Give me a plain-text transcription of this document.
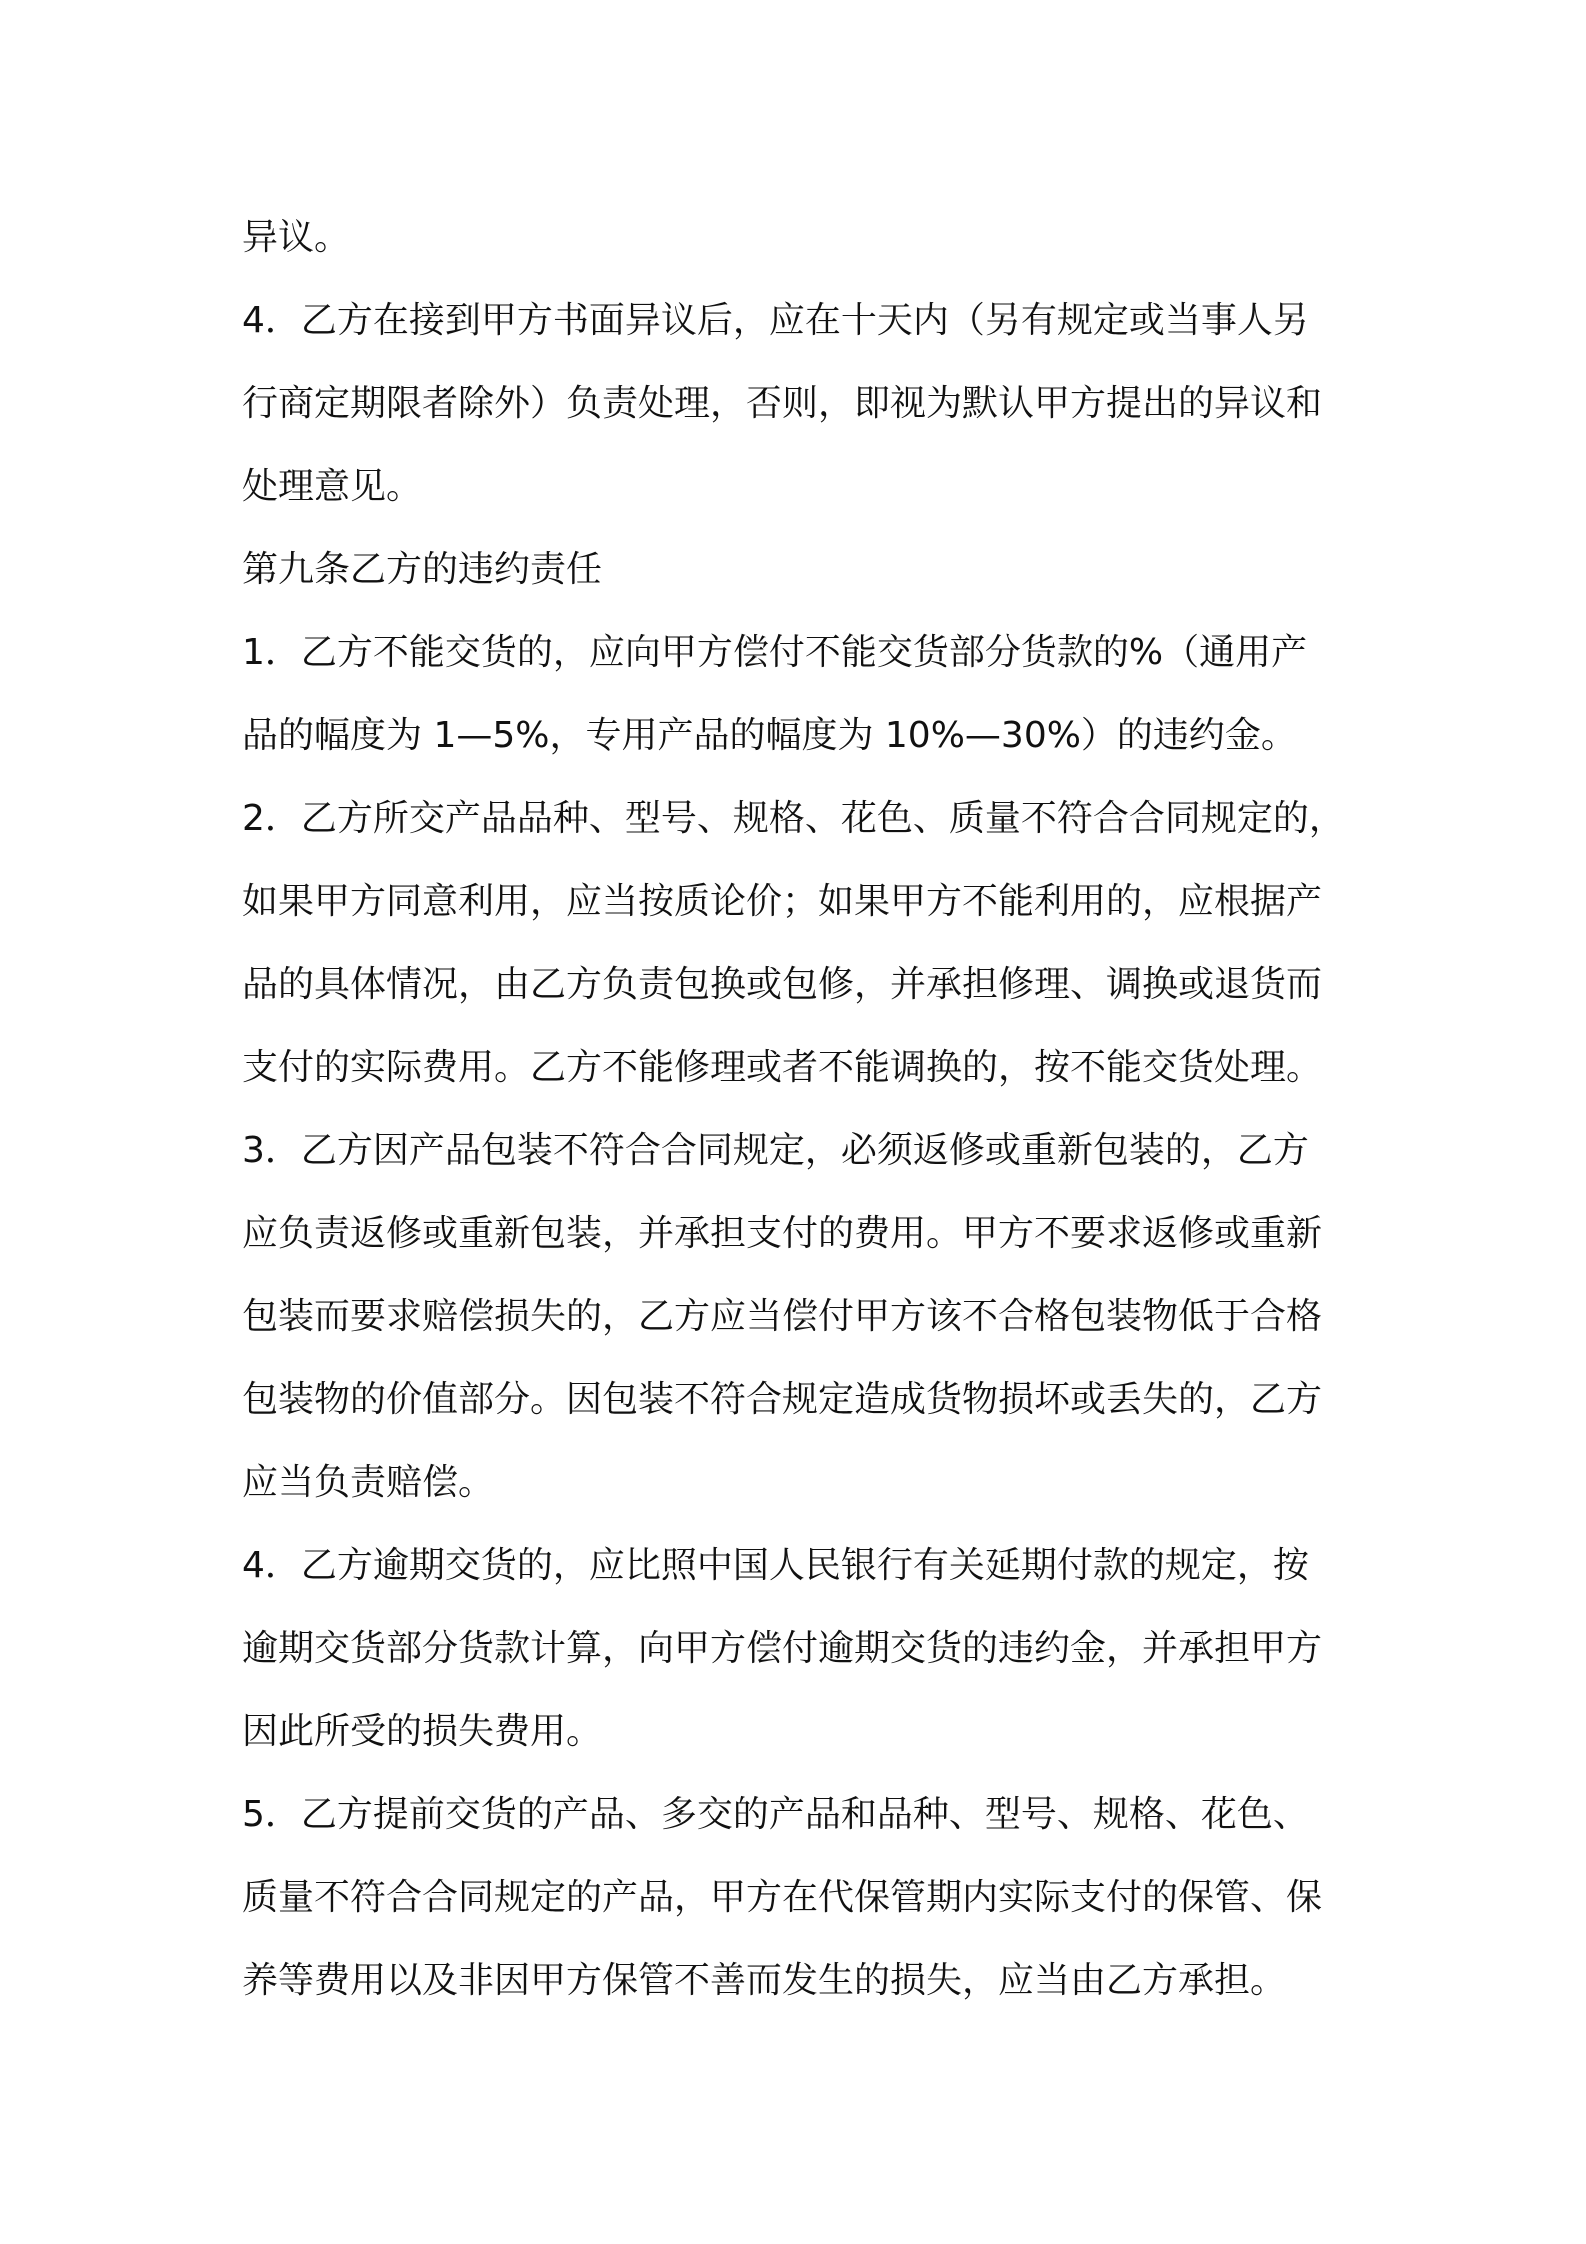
异议。
4．乙方在接到甲方书面异议后，应在十天内（另有规定或当事人另
行商定期限者除外）负责处理，否则，即视为默认甲方提出的异议和
处理意见。
第九条乙方的违约责任
1．乙方不能交货的，应向甲方偿付不能交货部分货款的%（通用产
品的幅度为 1—5%，专用产品的幅度为 10%—30%）的违约金。
2．乙方所交产品品种、型号、规格、花色、质量不符合合同规定的，
如果甲方同意利用，应当按质论价；如果甲方不能利用的，应根据产
品的具体情况，由乙方负责包换或包修，并承担修理、调换或退货而
支付的实际费用。乙方不能修理或者不能调换的，按不能交货处理。
3．乙方因产品包装不符合合同规定，必须返修或重新包装的，乙方
应负责返修或重新包装，并承担支付的费用。甲方不要求返修或重新
包装而要求赔偿损失的，乙方应当偿付甲方该不合格包装物低于合格
包装物的价值部分。因包装不符合规定造成货物损坏或丢失的，乙方
应当负责赔偿。
4．乙方逾期交货的，应比照中国人民银行有关延期付款的规定，按
逾期交货部分货款计算，向甲方偿付逾期交货的违约金，并承担甲方
因此所受的损失费用。
5．乙方提前交货的产品、多交的产品和品种、型号、规格、花色、
质量不符合合同规定的产品，甲方在代保管期内实际支付的保管、保
养等费用以及非因甲方保管不善而发生的损失，应当由乙方承担。
